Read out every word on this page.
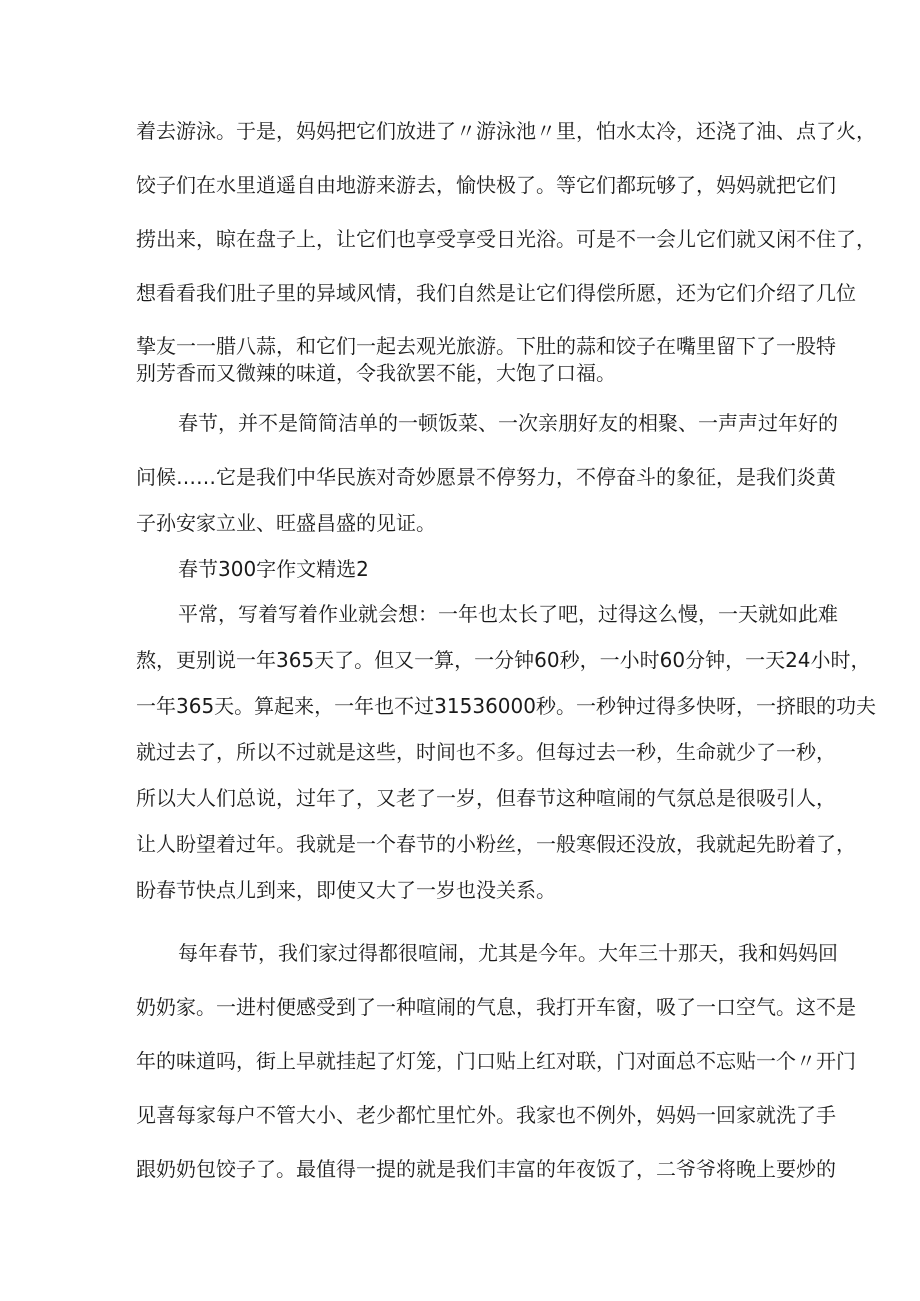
着去游泳。于是，妈妈把它们放进了〃游泳池〃里，怕水太冷，还浇了油、点了火，
饺子们在水里逍遥自由地游来游去，愉快极了。等它们都玩够了，妈妈就把它们
捞出来，晾在盘子上，让它们也享受享受日光浴。可是不一会儿它们就又闲不住了，
想看看我们肚子里的异域风情，我们自然是让它们得偿所愿，还为它们介绍了几位
挚友一一腊八蒜，和它们一起去观光旅游。下肚的蒜和饺子在嘴里留下了一股特
别芳香而又微辣的味道，令我欲罢不能，大饱了口福。
春节，并不是简简洁单的一顿饭菜、一次亲朋好友的相聚、一声声过年好的
问候……它是我们中华民族对奇妙愿景不停努力，不停奋斗的象征，是我们炎黄
子孙安家立业、旺盛昌盛的见证。
春节300字作文精选2
平常，写着写着作业就会想：一年也太长了吧，过得这么慢，一天就如此难
熬，更别说一年365天了。但又一算，一分钟60秒，一小时60分钟，一天24小时，
一年365天。算起来，一年也不过31536000秒。一秒钟过得多快呀，一挤眼的功夫
就过去了，所以不过就是这些，时间也不多。但每过去一秒，生命就少了一秒，
所以大人们总说，过年了，又老了一岁，但春节这种喧闹的气氛总是很吸引人，
让人盼望着过年。我就是一个春节的小粉丝，一般寒假还没放，我就起先盼着了，
盼春节快点儿到来，即使又大了一岁也没关系。
每年春节，我们家过得都很喧闹，尤其是今年。大年三十那天，我和妈妈回
奶奶家。一进村便感受到了一种喧闹的气息，我打开车窗，吸了一口空气。这不是
年的味道吗，街上早就挂起了灯笼，门口贴上红对联，门对面总不忘贴一个〃开门
见喜每家每户不管大小、老少都忙里忙外。我家也不例外，妈妈一回家就洗了手
跟奶奶包饺子了。最值得一提的就是我们丰富的年夜饭了，二爷爷将晚上要炒的
